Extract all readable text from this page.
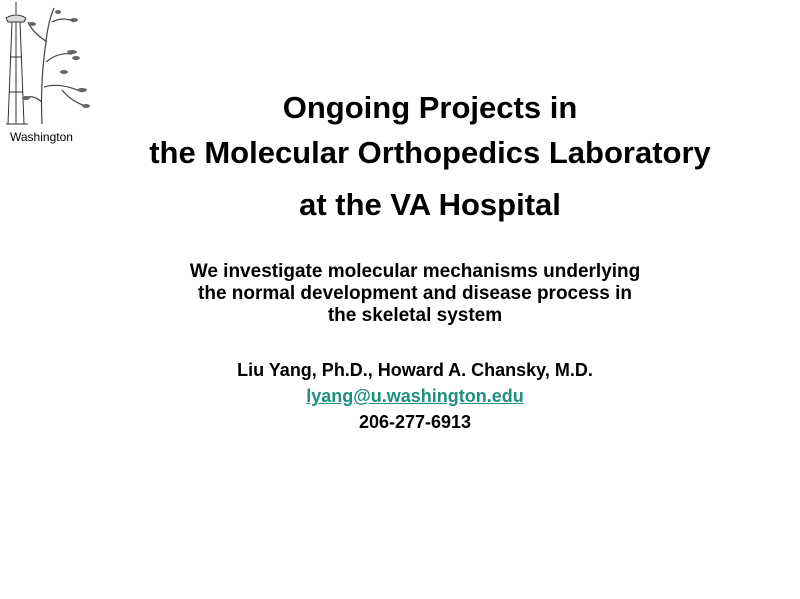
Washington
Ongoing Projects in
the Molecular Orthopedics Laboratory
at the VA Hospital
We investigate molecular mechanisms underlying
the normal development and disease process in
the skeletal system
Liu Yang, Ph.D., Howard A. Chansky, M.D.
lyang@u.washington.edu
206-277-6913
